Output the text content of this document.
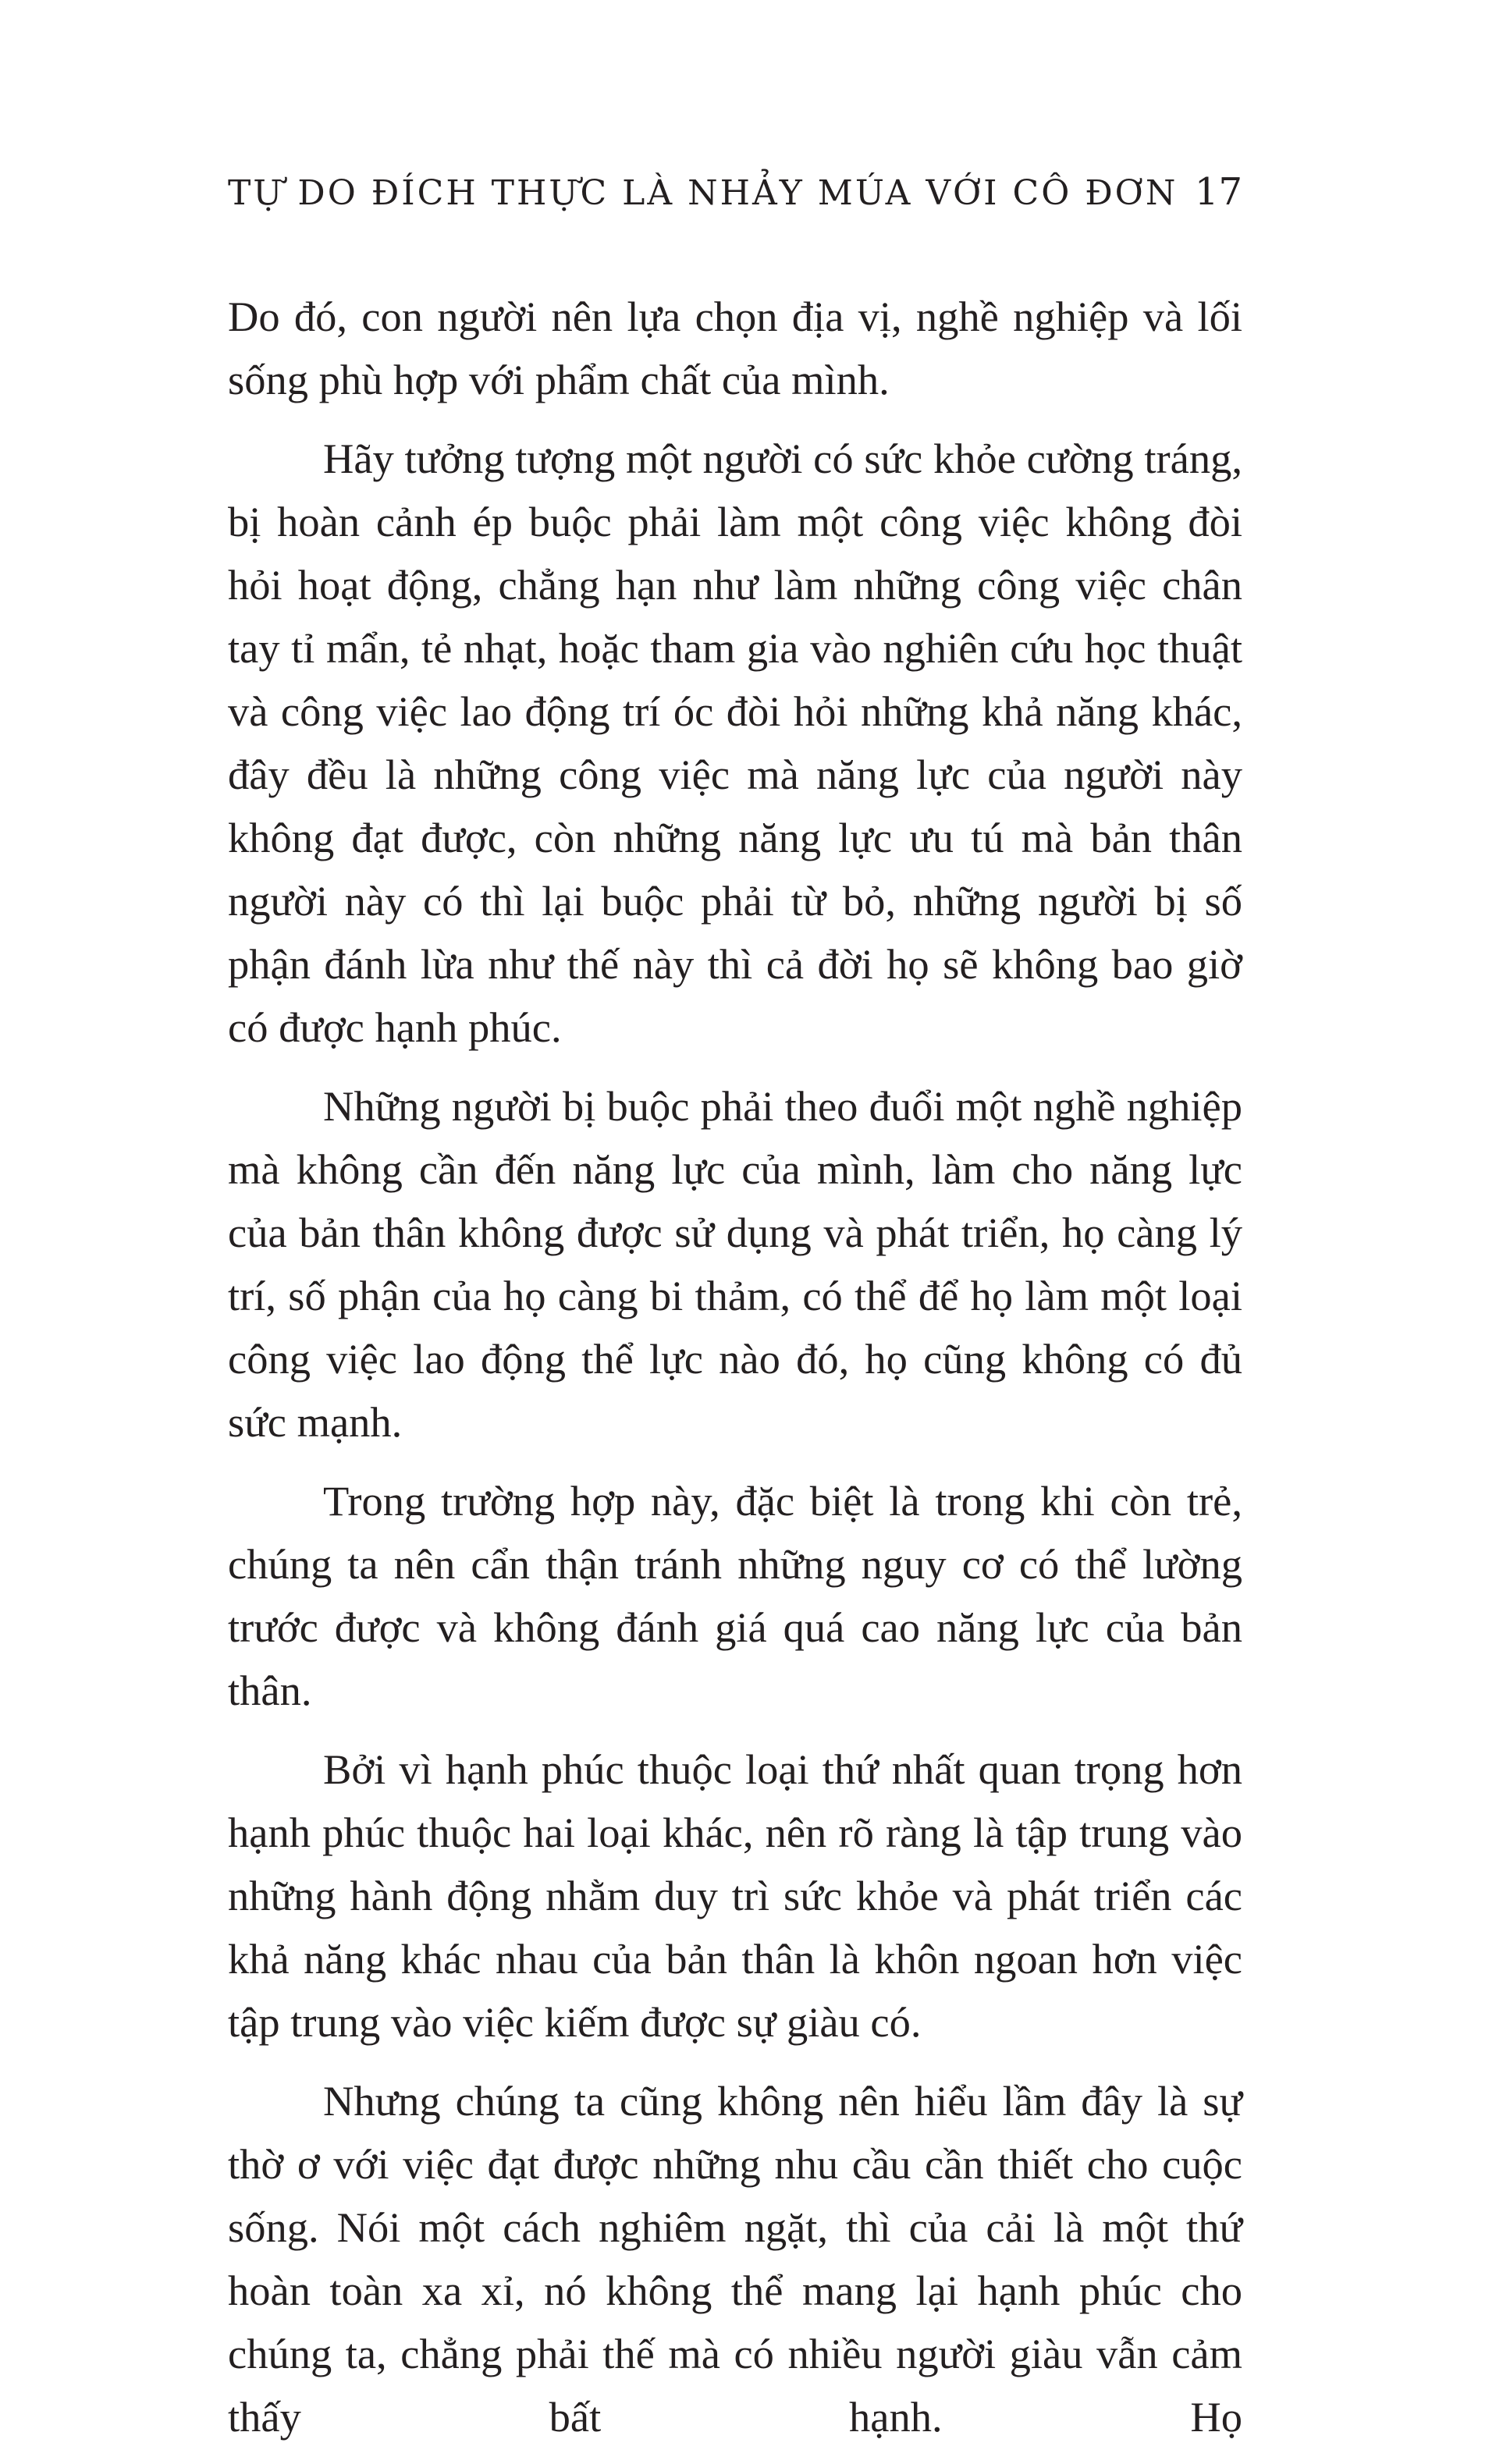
TỰ DO ĐÍCH THỰC LÀ NHẢY MÚA VỚI CÔ ĐƠN 17

Do đó, con người nên lựa chọn địa vị, nghề nghiệp và lối sống phù hợp với phẩm chất của mình.

Hãy tưởng tượng một người có sức khỏe cường tráng, bị hoàn cảnh ép buộc phải làm một công việc không đòi hỏi hoạt động, chẳng hạn như làm những công việc chân tay tỉ mẩn, tẻ nhạt, hoặc tham gia vào nghiên cứu học thuật và công việc lao động trí óc đòi hỏi những khả năng khác, đây đều là những công việc mà năng lực của người này không đạt được, còn những năng lực ưu tú mà bản thân người này có thì lại buộc phải từ bỏ, những người bị số phận đánh lừa như thế này thì cả đời họ sẽ không bao giờ có được hạnh phúc.

Những người bị buộc phải theo đuổi một nghề nghiệp mà không cần đến năng lực của mình, làm cho năng lực của bản thân không được sử dụng và phát triển, họ càng lý trí, số phận của họ càng bi thảm, có thể để họ làm một loại công việc lao động thể lực nào đó, họ cũng không có đủ sức mạnh.

Trong trường hợp này, đặc biệt là trong khi còn trẻ, chúng ta nên cẩn thận tránh những nguy cơ có thể lường trước được và không đánh giá quá cao năng lực của bản thân.

Bởi vì hạnh phúc thuộc loại thứ nhất quan trọng hơn hạnh phúc thuộc hai loại khác, nên rõ ràng là tập trung vào những hành động nhằm duy trì sức khỏe và phát triển các khả năng khác nhau của bản thân là khôn ngoan hơn việc tập trung vào việc kiếm được sự giàu có.

Nhưng chúng ta cũng không nên hiểu lầm đây là sự thờ ơ với việc đạt được những nhu cầu cần thiết cho cuộc sống. Nói một cách nghiêm ngặt, thì của cải là một thứ hoàn toàn xa xỉ, nó không thể mang lại hạnh phúc cho chúng ta, chẳng phải thế mà có nhiều người giàu vẫn cảm thấy bất hạnh. Họ
